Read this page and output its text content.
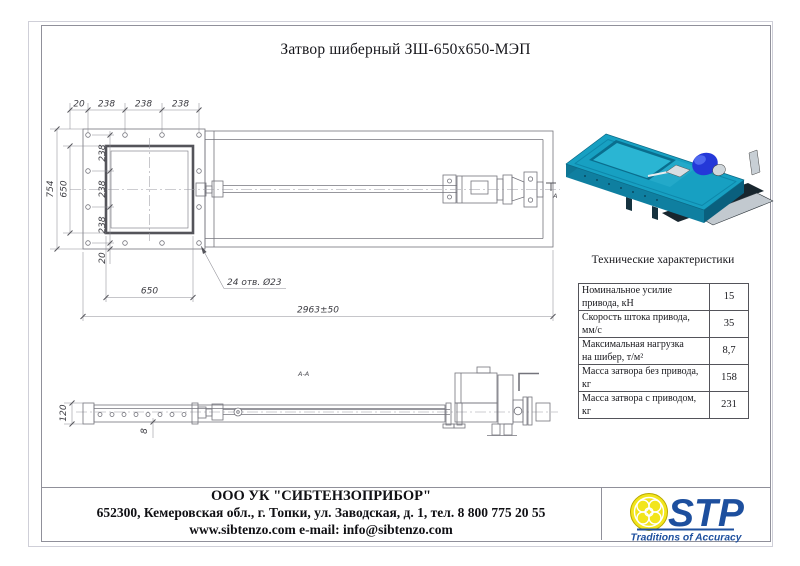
Затвор шиберный ЗШ-650х650-МЭП
А
20 238 238 238
754 650
238
238
238
20
650
24 отв. Ø23
2963±50
А-А
120
8
STP
Traditions of Accuracy
Технические характеристики
Номинальное усилие привода, кН	15
Скорость штока привода, мм/с	35

Максимальная нагрузка
на шибер, т/м²	8,7
Масса затвора без привода, кг	158
Масса затвора с приводом, кг	231
ООО УК "СИБТЕНЗОПРИБОР"
652300, Кемеровская обл., г. Топки, ул. Заводская, д. 1, тел. 8 800 775 20 55
www.sibtenzo.com e-mail: info@sibtenzo.com
